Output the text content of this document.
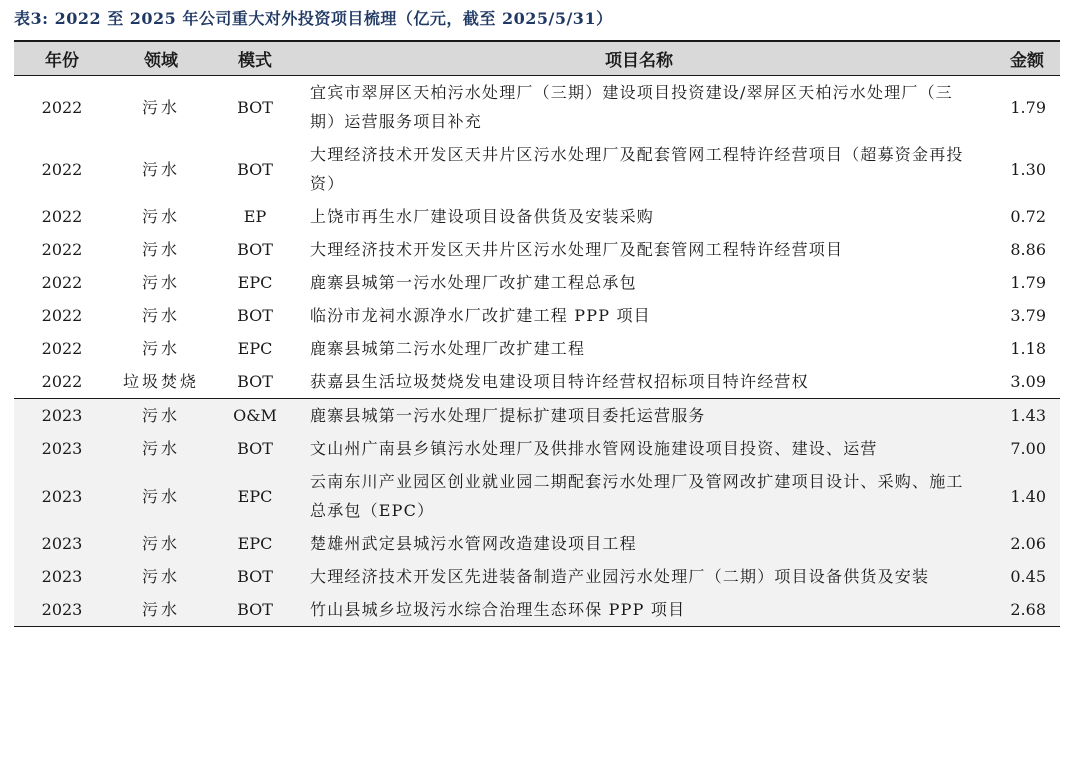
表3: 2022 至 2025 年公司重大对外投资项目梳理（亿元，截至 2025/5/31）
年份	领域	模式	项目名称	金额
2022	污水	BOT	宜宾市翠屏区天柏污水处理厂（三期）建设项目投资建设/翠屏区天柏污水处理厂（三期）运营服务项目补充	1.79
2022	污水	BOT	大理经济技术开发区天井片区污水处理厂及配套管网工程特许经营项目（超募资金再投资）	1.30
2022	污水	EP	上饶市再生水厂建设项目设备供货及安装采购	0.72
2022	污水	BOT	大理经济技术开发区天井片区污水处理厂及配套管网工程特许经营项目	8.86
2022	污水	EPC	鹿寨县城第一污水处理厂改扩建工程总承包	1.79
2022	污水	BOT	临汾市龙祠水源净水厂改扩建工程 PPP 项目	3.79
2022	污水	EPC	鹿寨县城第二污水处理厂改扩建工程	1.18
2022	垃圾焚烧	BOT	获嘉县生活垃圾焚烧发电建设项目特许经营权招标项目特许经营权	3.09
2023	污水	O&M	鹿寨县城第一污水处理厂提标扩建项目委托运营服务	1.43
2023	污水	BOT	文山州广南县乡镇污水处理厂及供排水管网设施建设项目投资、建设、运营	7.00
2023	污水	EPC	云南东川产业园区创业就业园二期配套污水处理厂及管网改扩建项目设计、采购、施工总承包（EPC）	1.40
2023	污水	EPC	楚雄州武定县城污水管网改造建设项目工程	2.06
2023	污水	BOT	大理经济技术开发区先进装备制造产业园污水处理厂（二期）项目设备供货及安装	0.45
2023	污水	BOT	竹山县城乡垃圾污水综合治理生态环保 PPP 项目	2.68
